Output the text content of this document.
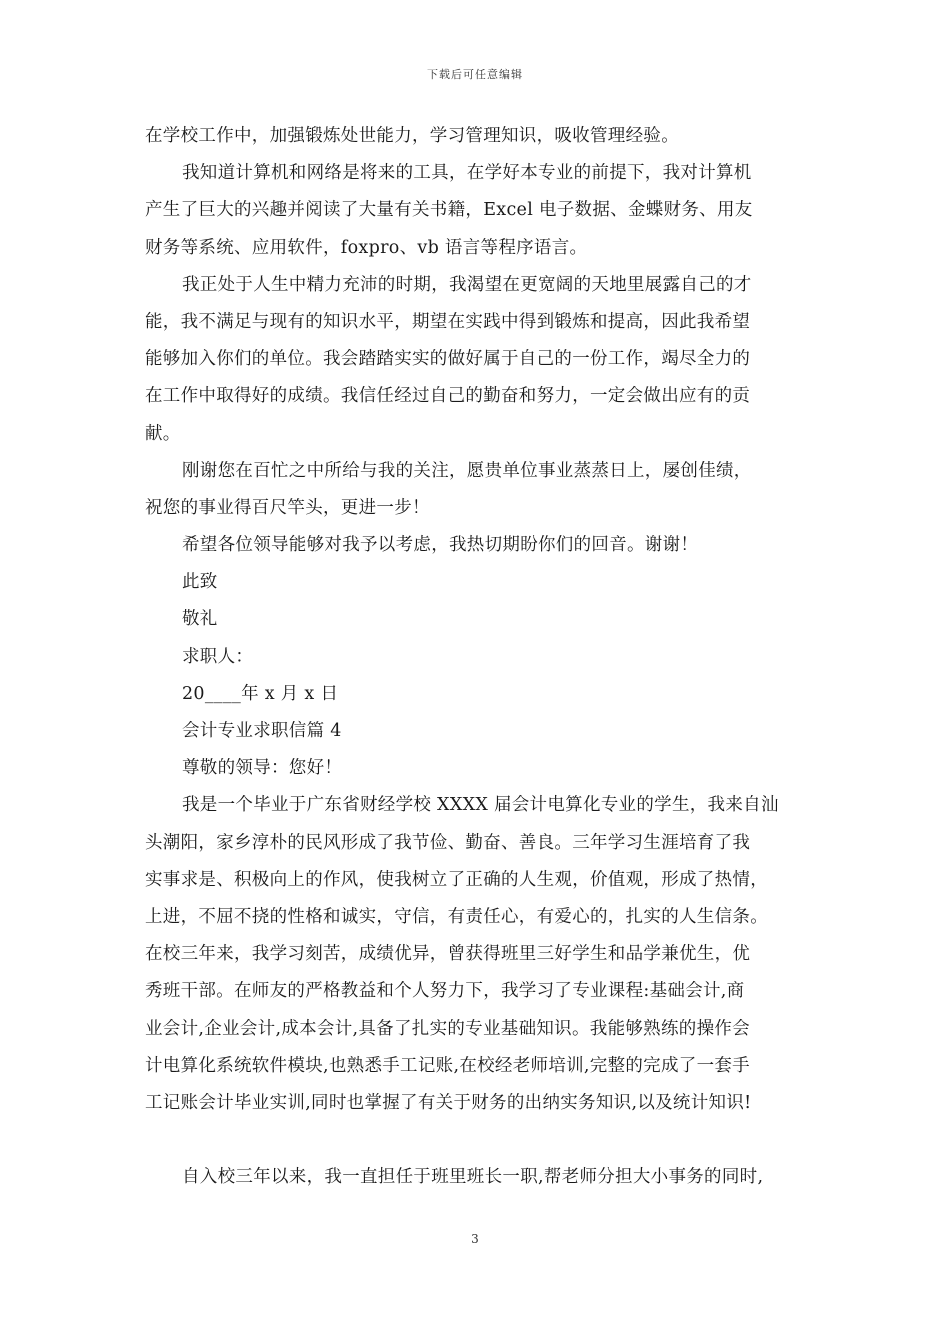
下载后可任意编辑
在学校工作中，加强锻炼处世能力，学习管理知识，吸收管理经验。
我知道计算机和网络是将来的工具，在学好本专业的前提下，我对计算机
产生了巨大的兴趣并阅读了大量有关书籍，Excel 电子数据、金蝶财务、用友
财务等系统、应用软件，foxpro、vb 语言等程序语言。
我正处于人生中精力充沛的时期，我渴望在更宽阔的天地里展露自己的才
能，我不满足与现有的知识水平，期望在实践中得到锻炼和提高，因此我希望
能够加入你们的单位。我会踏踏实实的做好属于自己的一份工作，竭尽全力的
在工作中取得好的成绩。我信任经过自己的勤奋和努力，一定会做出应有的贡
献。
刚谢您在百忙之中所给与我的关注，愿贵单位事业蒸蒸日上，屡创佳绩，
祝您的事业得百尺竿头，更进一步！
希望各位领导能够对我予以考虑，我热切期盼你们的回音。谢谢！
此致
敬礼
求职人：
20____年 x 月 x 日
会计专业求职信篇 4
尊敬的领导：您好！
我是一个毕业于广东省财经学校 XXXX 届会计电算化专业的学生，我来自汕
头潮阳，家乡淳朴的民风形成了我节俭、勤奋、善良。三年学习生涯培育了我
实事求是、积极向上的作风，使我树立了正确的人生观，价值观，形成了热情，
上进，不屈不挠的性格和诚实，守信，有责任心，有爱心的，扎实的人生信条。
在校三年来，我学习刻苦，成绩优异，曾获得班里三好学生和品学兼优生，优
秀班干部。在师友的严格教益和个人努力下，我学习了专业课程:基础会计,商
业会计,企业会计,成本会计,具备了扎实的专业基础知识。我能够熟练的操作会
计电算化系统软件模块,也熟悉手工记账,在校经老师培训,完整的完成了一套手
工记账会计毕业实训,同时也掌握了有关于财务的出纳实务知识,以及统计知识!
自入校三年以来，我一直担任于班里班长一职,帮老师分担大小事务的同时,
3
